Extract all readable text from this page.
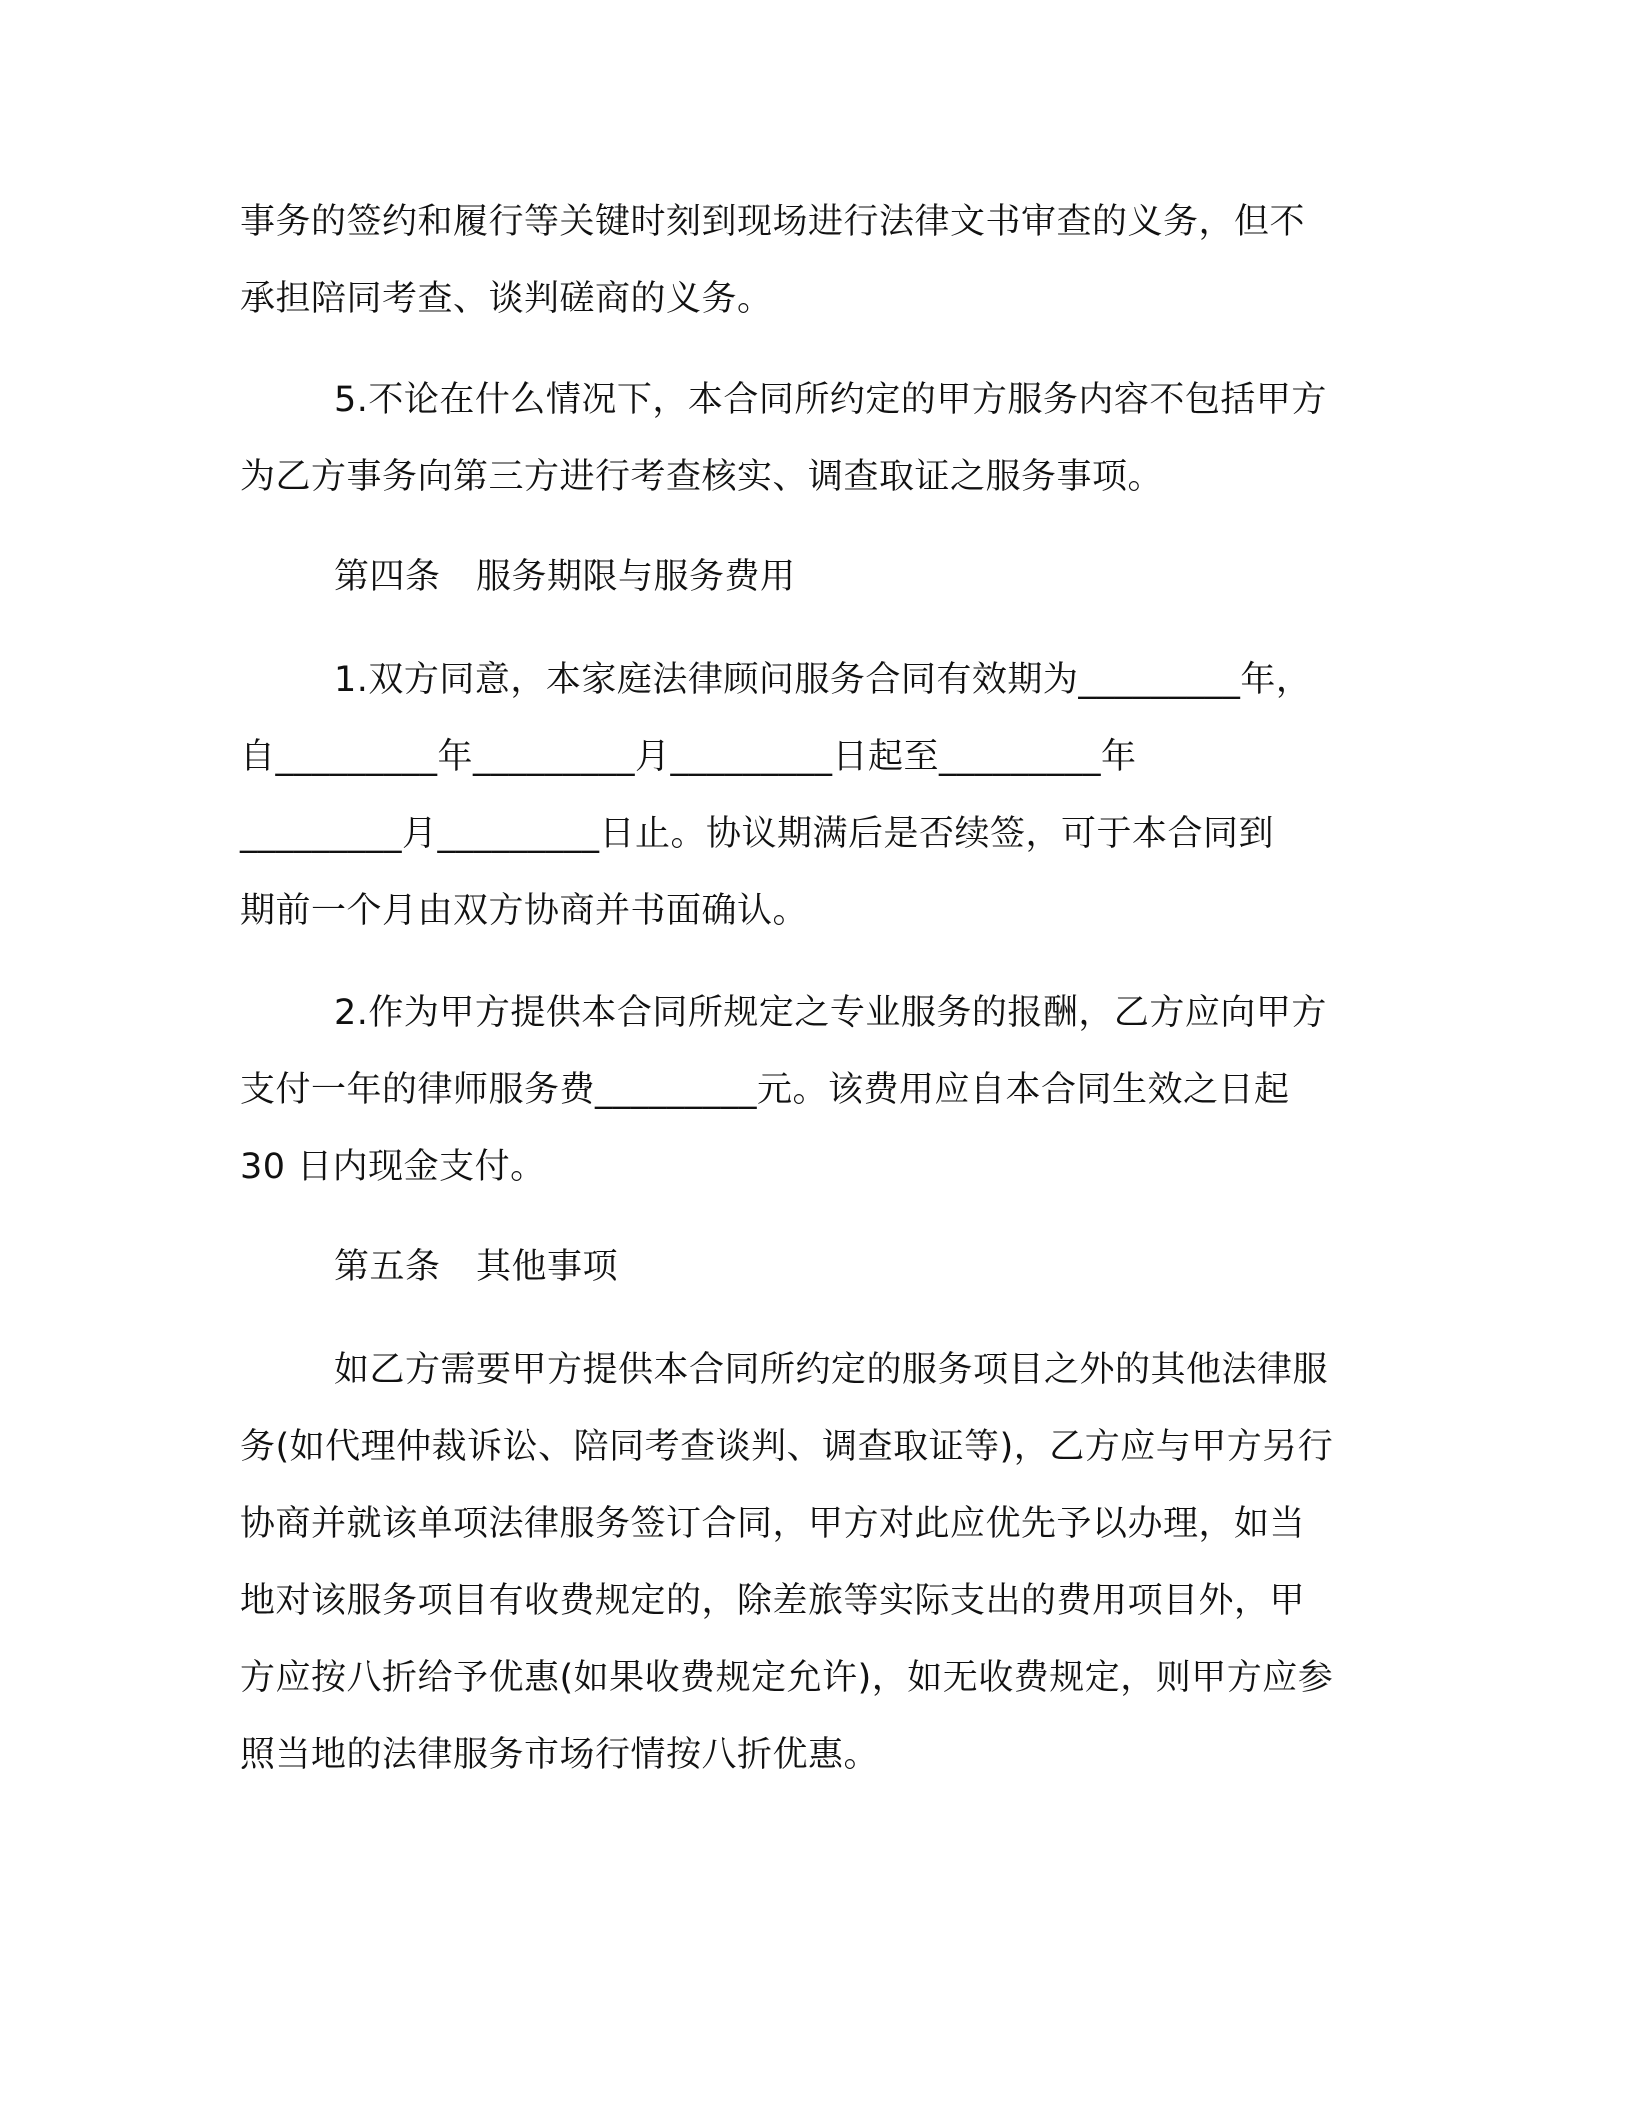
事务的签约和履行等关键时刻到现场进行法律文书审查的义务，但不
承担陪同考查、谈判磋商的义务。
5.不论在什么情况下，本合同所约定的甲方服务内容不包括甲方
为乙方事务向第三方进行考查核实、调查取证之服务事项。
第四条　服务期限与服务费用
1.双方同意，本家庭法律顾问服务合同有效期为_________年，
自_________年_________月_________日起至_________年
_________月_________日止。协议期满后是否续签，可于本合同到
期前一个月由双方协商并书面确认。
2.作为甲方提供本合同所规定之专业服务的报酬，乙方应向甲方
支付一年的律师服务费_________元。该费用应自本合同生效之日起
30 日内现金支付。
第五条　其他事项
如乙方需要甲方提供本合同所约定的服务项目之外的其他法律服
务(如代理仲裁诉讼、陪同考查谈判、调查取证等)，乙方应与甲方另行
协商并就该单项法律服务签订合同，甲方对此应优先予以办理，如当
地对该服务项目有收费规定的，除差旅等实际支出的费用项目外，甲
方应按八折给予优惠(如果收费规定允许)，如无收费规定，则甲方应参
照当地的法律服务市场行情按八折优惠。
